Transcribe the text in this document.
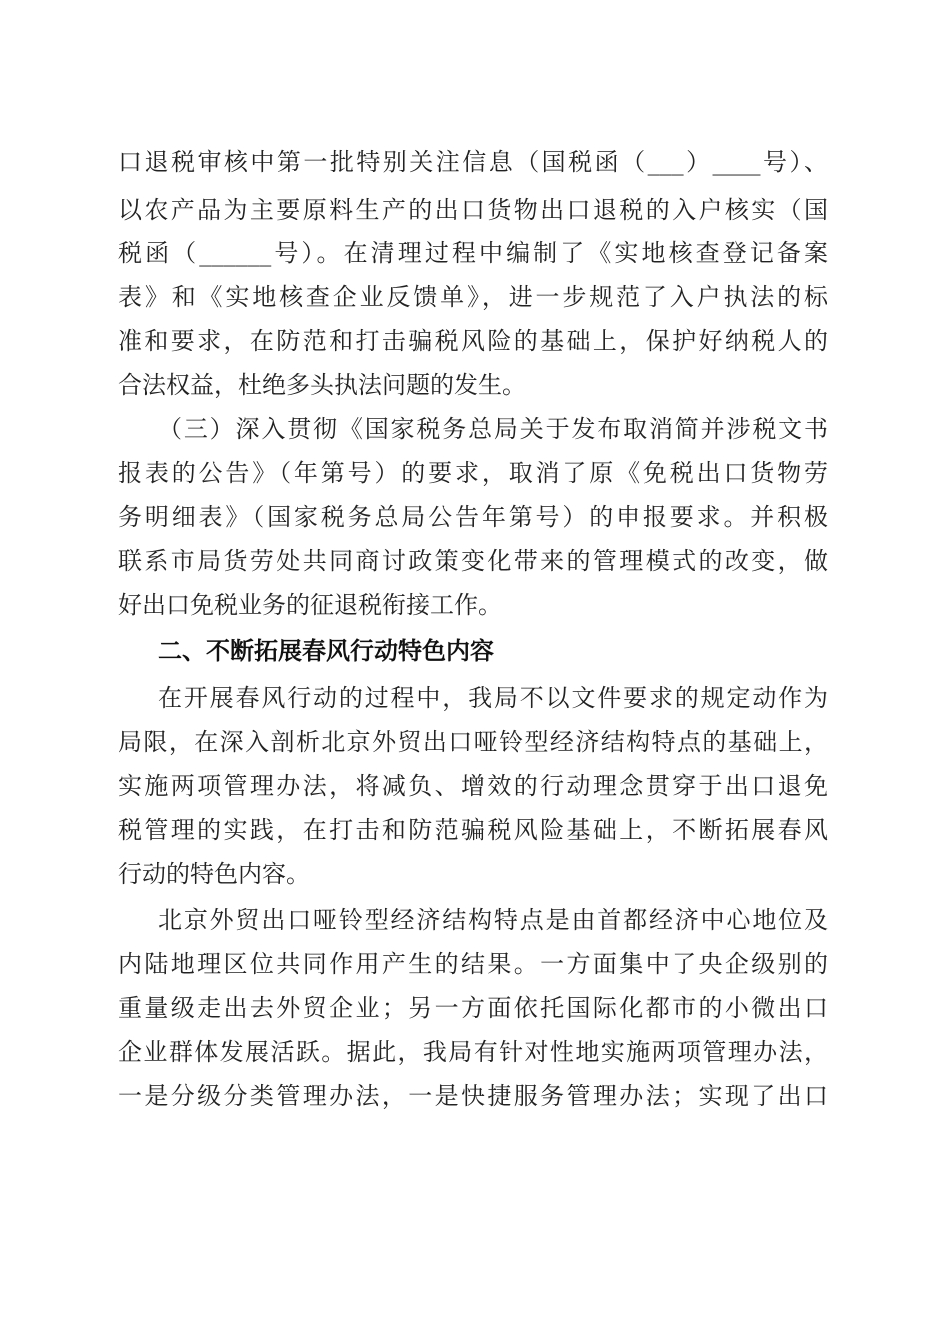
口退税审核中第一批特别关注信息（国税函（___）____号）、
以农产品为主要原料生产的出口货物出口退税的入户核实（国
税函（______号）。在清理过程中编制了《实地核查登记备案
表》和《实地核查企业反馈单》，进一步规范了入户执法的标
准和要求，在防范和打击骗税风险的基础上，保护好纳税人的
合法权益，杜绝多头执法问题的发生。
（三）深入贯彻《国家税务总局关于发布取消简并涉税文书
报表的公告》（年第号）的要求，取消了原《免税出口货物劳
务明细表》（国家税务总局公告年第号）的申报要求。并积极
联系市局货劳处共同商讨政策变化带来的管理模式的改变，做
好出口免税业务的征退税衔接工作。
二、不断拓展春风行动特色内容
在开展春风行动的过程中，我局不以文件要求的规定动作为
局限，在深入剖析北京外贸出口哑铃型经济结构特点的基础上，
实施两项管理办法，将减负、增效的行动理念贯穿于出口退免
税管理的实践，在打击和防范骗税风险基础上，不断拓展春风
行动的特色内容。
北京外贸出口哑铃型经济结构特点是由首都经济中心地位及
内陆地理区位共同作用产生的结果。一方面集中了央企级别的
重量级走出去外贸企业；另一方面依托国际化都市的小微出口
企业群体发展活跃。据此，我局有针对性地实施两项管理办法，
一是分级分类管理办法，一是快捷服务管理办法；实现了出口
